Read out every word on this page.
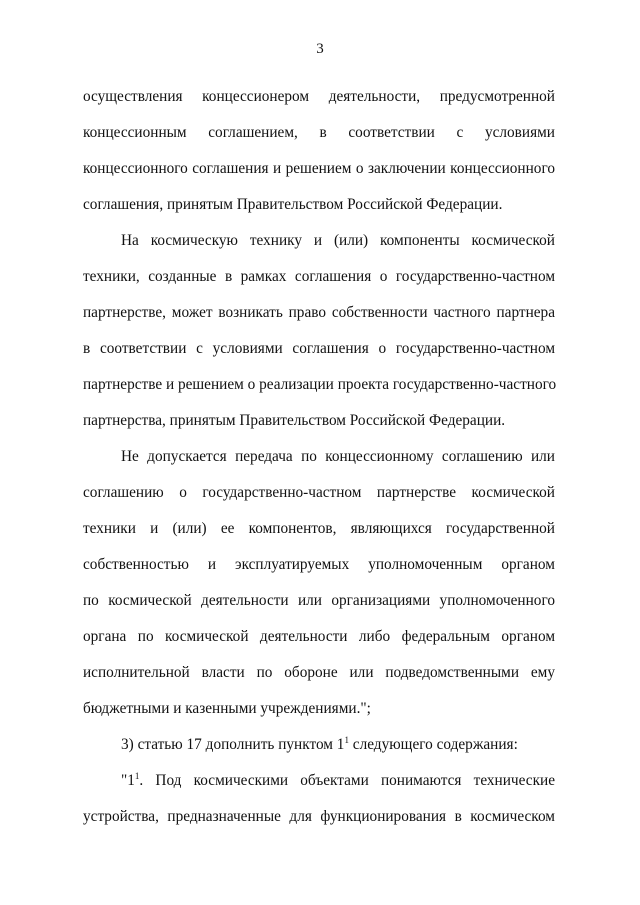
3
осуществления концессионером деятельности, предусмотренной
концессионным соглашением, в соответствии с условиями
концессионного соглашения и решением о заключении концессионного
соглашения, принятым Правительством Российской Федерации.
На космическую технику и (или) компоненты космической
техники, созданные в рамках соглашения о государственно-частном
партнерстве, может возникать право собственности частного партнера
в соответствии с условиями соглашения о государственно-частном
партнерстве и решением о реализации проекта государственно-частного
партнерства, принятым Правительством Российской Федерации.
Не допускается передача по концессионному соглашению или
соглашению о государственно-частном партнерстве космической
техники и (или) ее компонентов, являющихся государственной
собственностью и эксплуатируемых уполномоченным органом
по космической деятельности или организациями уполномоченного
органа по космической деятельности либо федеральным органом
исполнительной власти по обороне или подведомственными ему
бюджетными и казенными учреждениями.";
3) статью 17 дополнить пунктом $1^1$ следующего содержания:
"$1^1$. Под космическими объектами понимаются технические
устройства, предназначенные для функционирования в космическом
